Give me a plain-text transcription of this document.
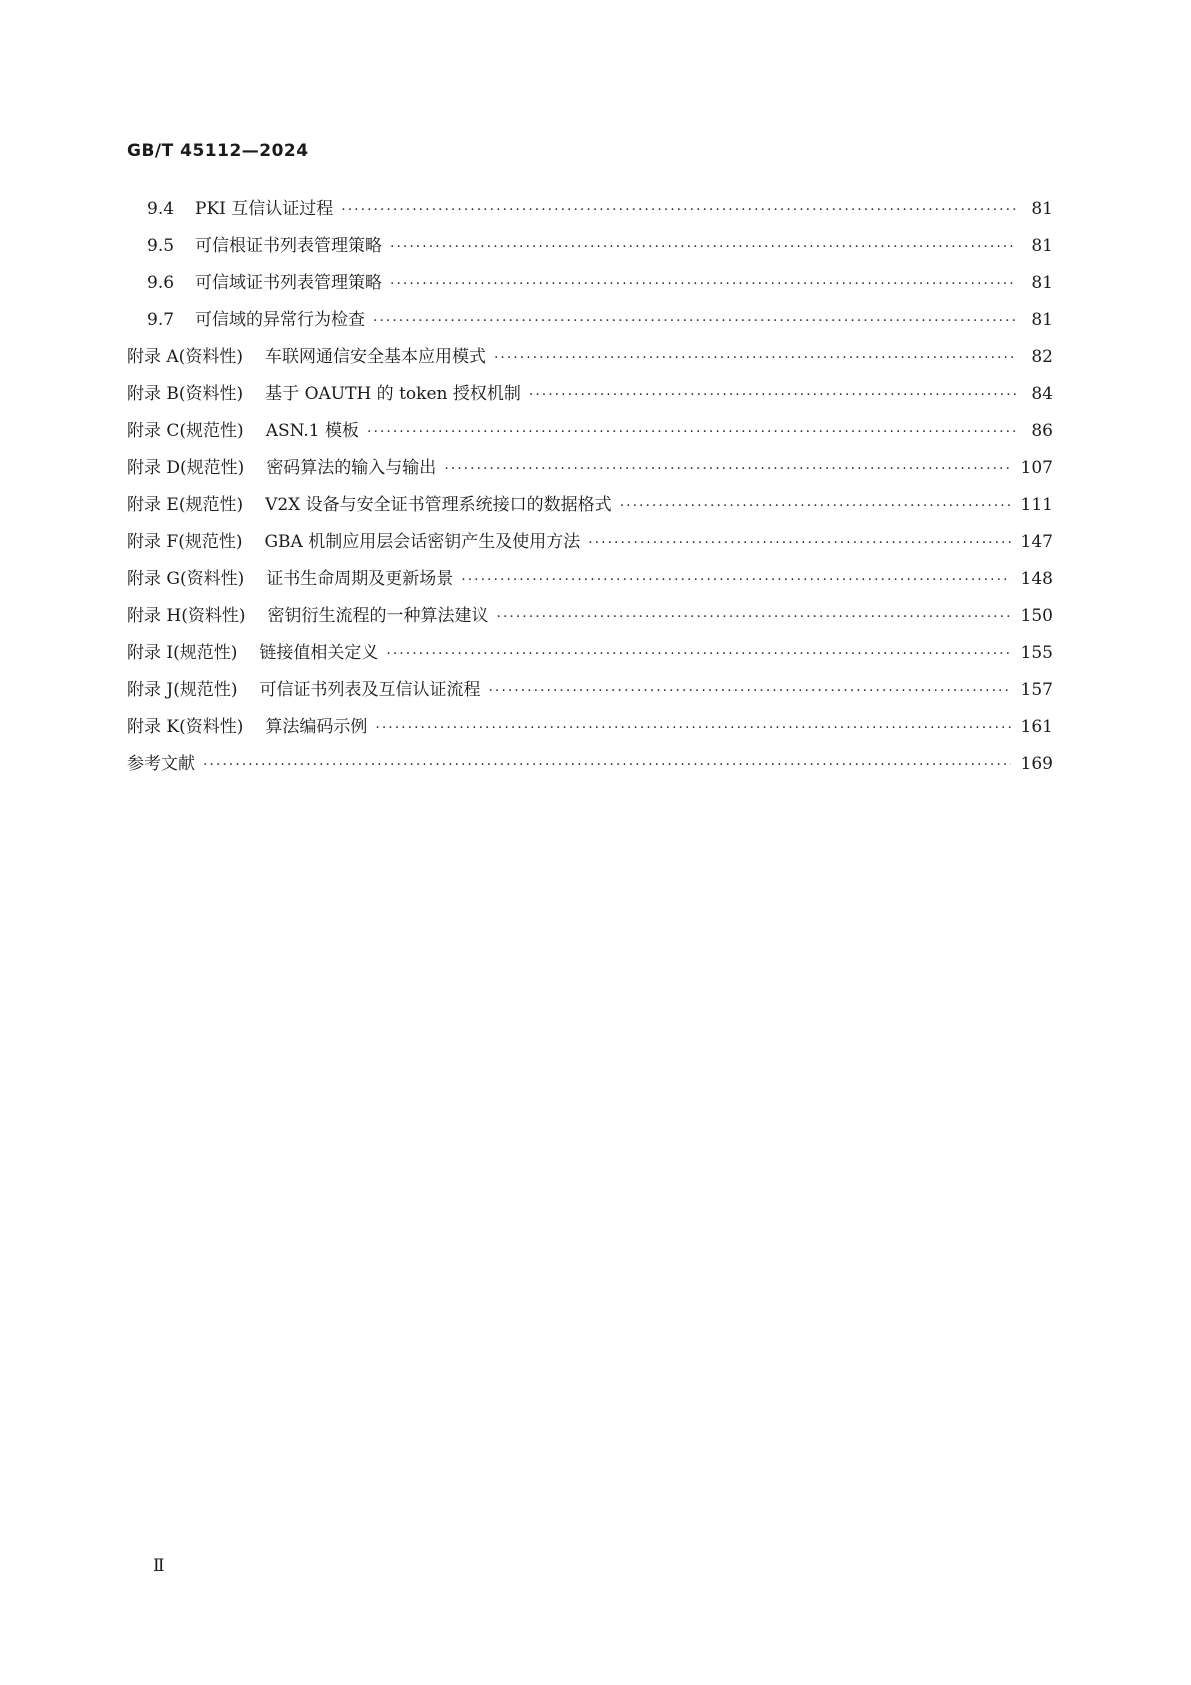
GB/T 45112—2024
9.4	PKI 互信认证过程 ·····	81
9.5	可信根证书列表管理策略 ·····	81
9.6	可信域证书列表管理策略 ·····	81
9.7	可信域的异常行为检查 ·····	81
附录 A(资料性) 车联网通信安全基本应用模式 ·····	82
附录 B(资料性) 基于 OAUTH 的 token 授权机制 ·····	84
附录 C(规范性) ASN.1 模板 ·····	86
附录 D(规范性) 密码算法的输入与输出 ·····	107
附录 E(规范性) V2X 设备与安全证书管理系统接口的数据格式 ·····	111
附录 F(规范性) GBA 机制应用层会话密钥产生及使用方法 ·····	147
附录 G(资料性) 证书生命周期及更新场景 ·····	148
附录 H(资料性) 密钥衍生流程的一种算法建议 ·····	150
附录 I(规范性) 链接值相关定义 ·····	155
附录 J(规范性) 可信证书列表及互信认证流程 ·····	157
附录 K(资料性) 算法编码示例 ·····	161
参考文献 ·····	169
Ⅱ
